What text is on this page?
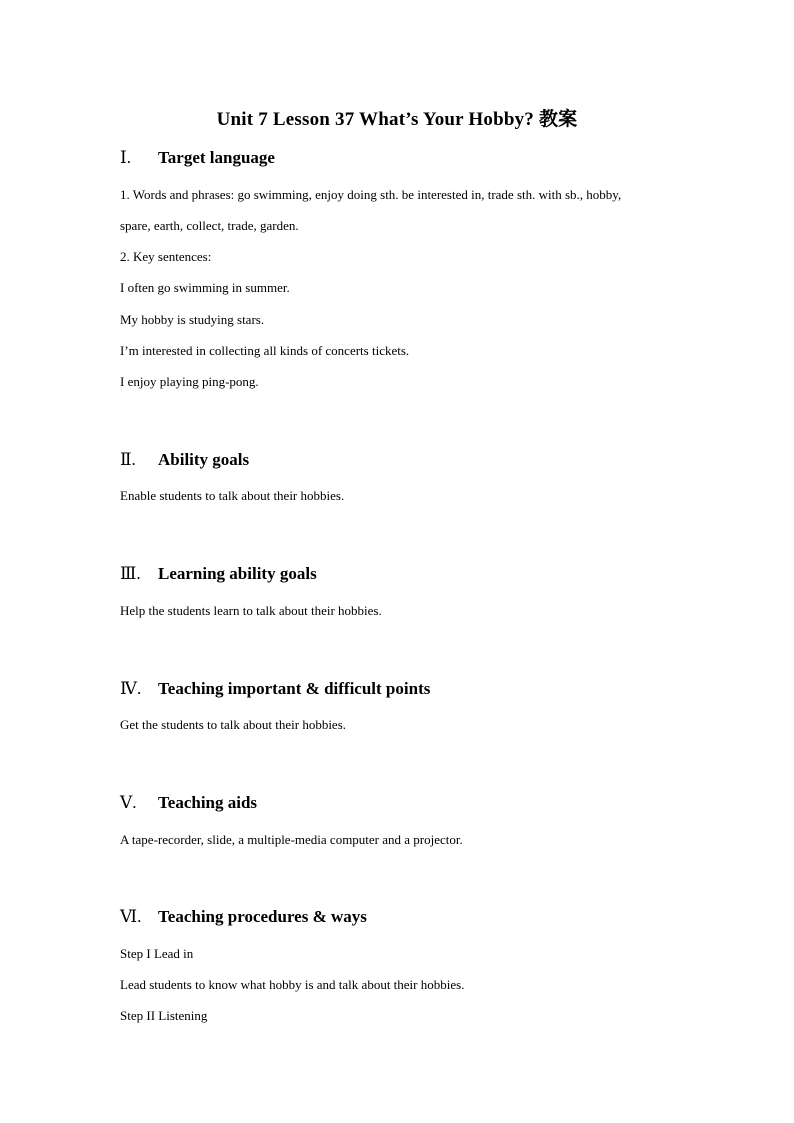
Unit 7 Lesson 37 What’s Your Hobby? 教案
Ⅰ. Target language
1. Words and phrases: go swimming, enjoy doing sth. be interested in, trade sth. with sb., hobby,
spare, earth, collect, trade, garden.
2. Key sentences:
I often go swimming in summer.
My hobby is studying stars.
I’m interested in collecting all kinds of concerts tickets.
I enjoy playing ping-pong.
Ⅱ. Ability goals
Enable students to talk about their hobbies.
Ⅲ. Learning ability goals
Help the students learn to talk about their hobbies.
Ⅳ. Teaching important & difficult points
Get the students to talk about their hobbies.
Ⅴ. Teaching aids
A tape-recorder, slide, a multiple-media computer and a projector.
Ⅵ. Teaching procedures & ways
Step I Lead in
Lead students to know what hobby is and talk about their hobbies.
Step II Listening
